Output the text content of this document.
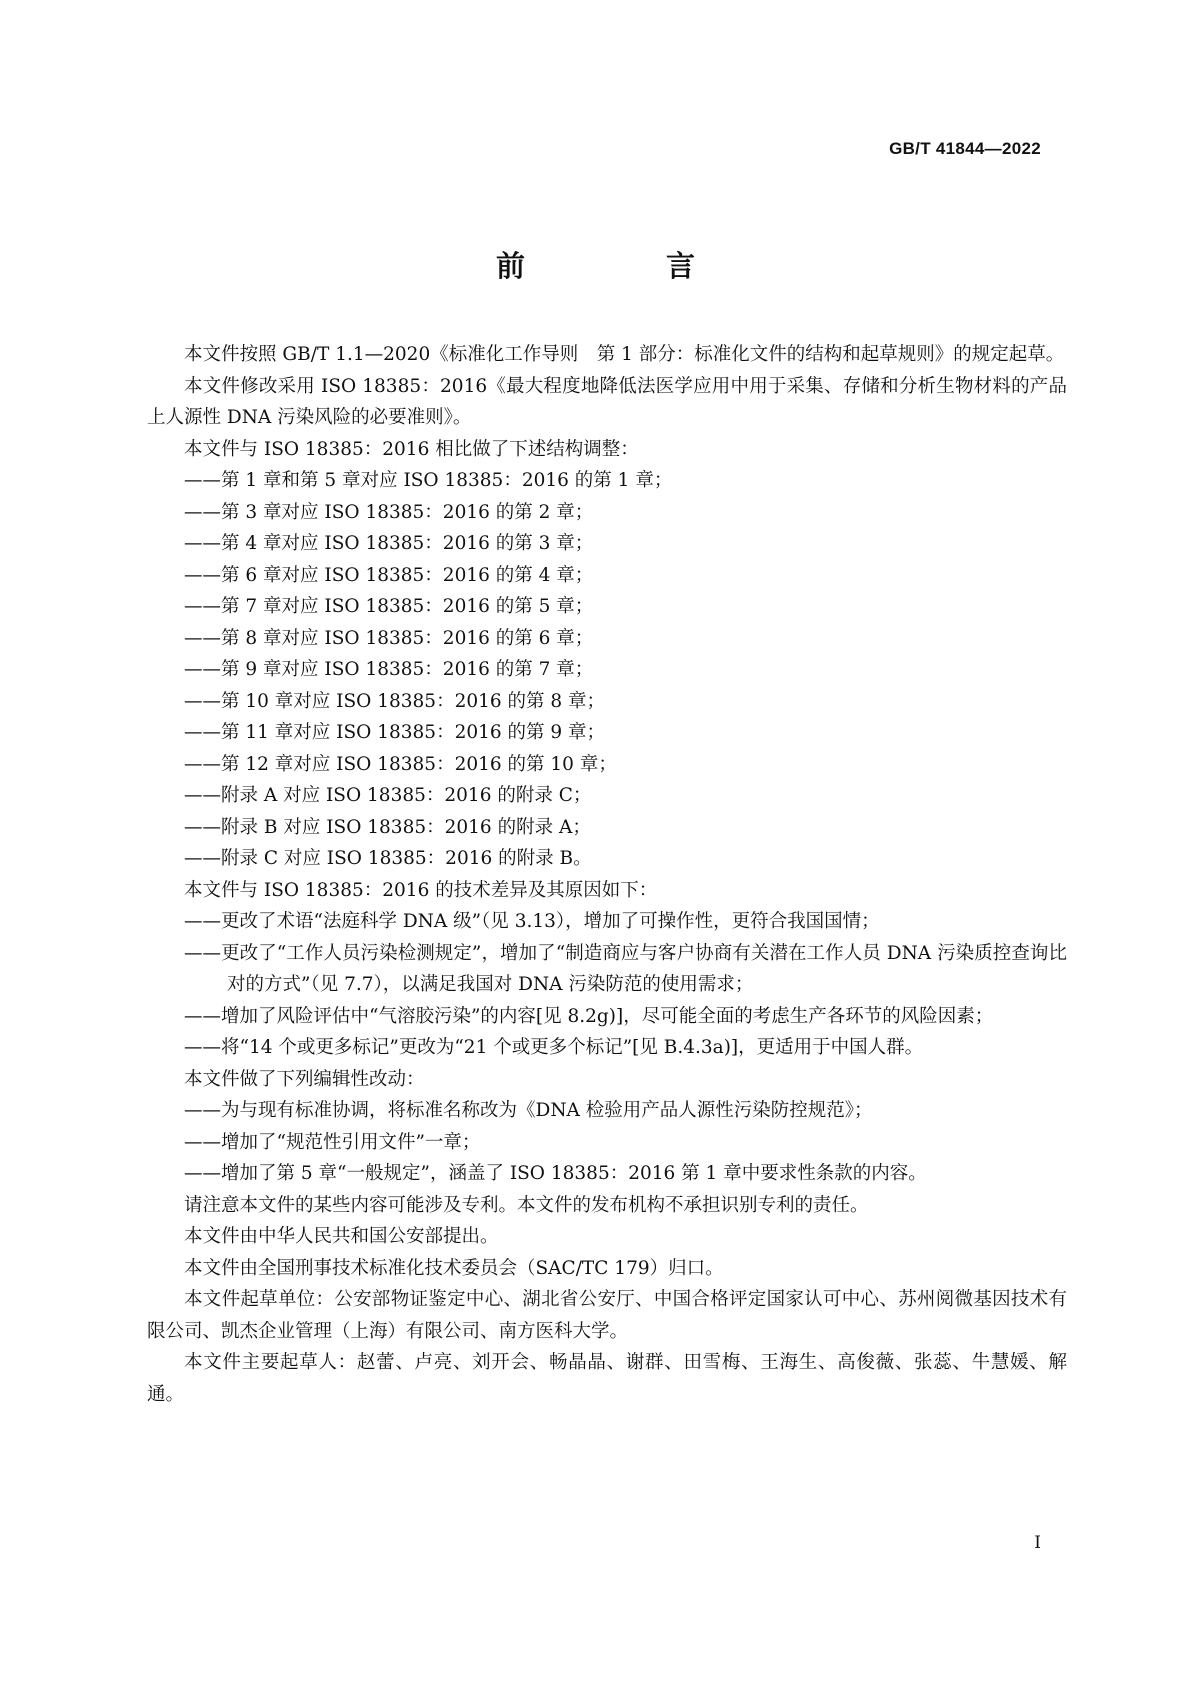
GB/T 41844—2022
前　言

本文件按照 GB/T 1.1—2020《标准化工作导则　第 1 部分：标准化文件的结构和起草规则》的规定起草。

本文件修改采用 ISO 18385：2016《最大程度地降低法医学应用中用于采集、存储和分析生物材料的产品上人源性 DNA 污染风险的必要准则》。

本文件与 ISO 18385：2016 相比做了下述结构调整：

——第 1 章和第 5 章对应 ISO 18385：2016 的第 1 章；

——第 3 章对应 ISO 18385：2016 的第 2 章；

——第 4 章对应 ISO 18385：2016 的第 3 章；

——第 6 章对应 ISO 18385：2016 的第 4 章；

——第 7 章对应 ISO 18385：2016 的第 5 章；

——第 8 章对应 ISO 18385：2016 的第 6 章；

——第 9 章对应 ISO 18385：2016 的第 7 章；

——第 10 章对应 ISO 18385：2016 的第 8 章；

——第 11 章对应 ISO 18385：2016 的第 9 章；

——第 12 章对应 ISO 18385：2016 的第 10 章；

——附录 A 对应 ISO 18385：2016 的附录 C；

——附录 B 对应 ISO 18385：2016 的附录 A；

——附录 C 对应 ISO 18385：2016 的附录 B。

本文件与 ISO 18385：2016 的技术差异及其原因如下：

——更改了术语“法庭科学 DNA 级”（见 3.13），增加了可操作性，更符合我国国情；

——更改了“工作人员污染检测规定”，增加了“制造商应与客户协商有关潜在工作人员 DNA 污染质控查询比对的方式”（见 7.7），以满足我国对 DNA 污染防范的使用需求；

——增加了风险评估中“气溶胶污染”的内容[见 8.2g)]，尽可能全面的考虑生产各环节的风险因素；

——将“14 个或更多标记”更改为“21 个或更多个标记”[见 B.4.3a)]，更适用于中国人群。

本文件做了下列编辑性改动：

——为与现有标准协调，将标准名称改为《DNA 检验用产品人源性污染防控规范》；

——增加了“规范性引用文件”一章；

——增加了第 5 章“一般规定”，涵盖了 ISO 18385：2016 第 1 章中要求性条款的内容。

请注意本文件的某些内容可能涉及专利。本文件的发布机构不承担识别专利的责任。

本文件由中华人民共和国公安部提出。

本文件由全国刑事技术标准化技术委员会（SAC/TC 179）归口。

本文件起草单位：公安部物证鉴定中心、湖北省公安厅、中国合格评定国家认可中心、苏州阅微基因技术有限公司、凯杰企业管理（上海）有限公司、南方医科大学。

本文件主要起草人：赵蕾、卢亮、刘开会、畅晶晶、谢群、田雪梅、王海生、高俊薇、张蕊、牛慧媛、解通。

I
